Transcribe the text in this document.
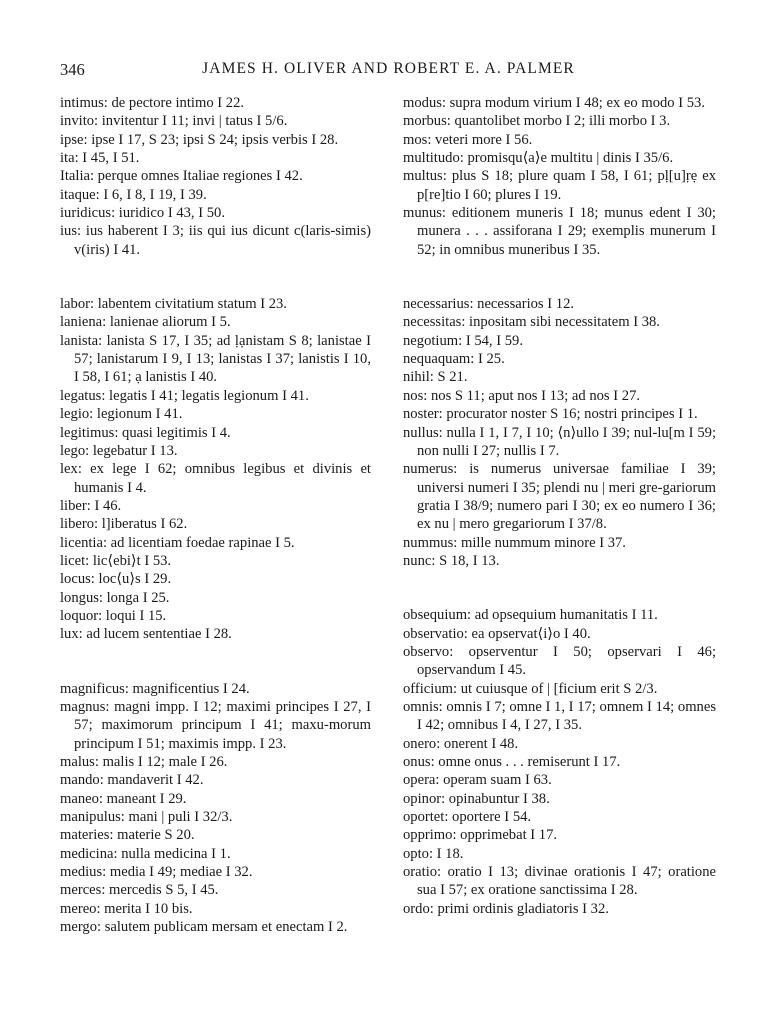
346	JAMES H. OLIVER AND ROBERT E. A. PALMER
intimus: de pectore intimo I 22.
invito: invitentur I 11; invi | tatus I 5/6.
ipse: ipse I 17, S 23; ipsi S 24; ipsis verbis I 28.
ita: I 45, I 51.
Italia: perque omnes Italiae regiones I 42.
itaque: I 6, I 8, I 19, I 39.
iuridicus: iuridico I 43, I 50.
ius: ius haberent I 3; iis qui ius dicunt c(laris-simis) v(iris) I 41.
labor: labentem civitatium statum I 23.
laniena: lanienae aliorum I 5.
lanista: lanista S 17, I 35; ad ḷạnistam S 8; lanistae I 57; lanistarum I 9, I 13; lanistas I 37; lanistis I 10, I 58, I 61; ạ lanistis I 40.
legatus: legatis I 41; legatis legionum I 41.
legio: legionum I 41.
legitimus: quasi legitimis I 4.
lego: legebatur I 13.
lex: ex lege I 62; omnibus legibus et divinis et humanis I 4.
liber: I 46.
libero: l]iberatus I 62.
licentia: ad licentiam foedae rapinae I 5.
licet: lic⟨ebi⟩t I 53.
locus: loc⟨u⟩s I 29.
longus: longa I 25.
loquor: loqui I 15.
lux: ad lucem sententiae I 28.
magnificus: magnificentius I 24.
magnus: magni impp. I 12; maximi principes I 27, I 57; maximorum principum I 41; maxu-morum principum I 51; maximis impp. I 23.
malus: malis I 12; male I 26.
mando: mandaverit I 42.
maneo: maneant I 29.
manipulus: mani | puli I 32/3.
materies: materie S 20.
medicina: nulla medicina I 1.
medius: media I 49; mediae I 32.
merces: mercedis S 5, I 45.
mereo: merita I 10 bis.
mergo: salutem publicam mersam et enectam I 2.
modus: supra modum virium I 48; ex eo modo I 53.
morbus: quantolibet morbo I 2; illi morbo I 3.
mos: veteri more I 56.
multitudo: promisqu⟨a⟩e multitu | dinis I 35/6.
multus: plus S 18; plure quam I 58, I 61; pḷ[u]ṛẹ ex p[re]tio I 60; plures I 19.
munus: editionem muneris I 18; munus edent I 30; munera . . . assiforana I 29; exemplis munerum I 52; in omnibus muneribus I 35.
necessarius: necessarios I 12.
necessitas: inpositam sibi necessitatem I 38.
negotium: I 54, I 59.
nequaquam: I 25.
nihil: S 21.
nos: nos S 11; aput nos I 13; ad nos I 27.
noster: procurator noster S 16; nostri principes I 1.
nullus: nulla I 1, I 7, I 10; ⟨n⟩ullo I 39; nul-lu[m I 59; non nulli I 27; nullis I 7.
numerus: is numerus universae familiae I 39; universi numeri I 35; plendi nu | meri gre-gariorum gratia I 38/9; numero pari I 30; ex eo numero I 36; ex nu | mero gregariorum I 37/8.
nummus: mille nummum minore I 37.
nunc: S 18, I 13.
obsequium: ad opsequium humanitatis I 11.
observatio: ea opservat⟨i⟩o I 40.
observo: opserventur I 50; opservari I 46; opservandum I 45.
officium: ut cuiusque of | [ficium erit S 2/3.
omnis: omnis I 7; omne I 1, I 17; omnem I 14; omnes I 42; omnibus I 4, I 27, I 35.
onero: onerent I 48.
onus: omne onus . . . remiserunt I 17.
opera: operam suam I 63.
opinor: opinabuntur I 38.
oportet: oportere I 54.
opprimo: opprimebat I 17.
opto: I 18.
oratio: oratio I 13; divinae orationis I 47; oratione sua I 57; ex oratione sanctissima I 28.
ordo: primi ordinis gladiatoris I 32.
